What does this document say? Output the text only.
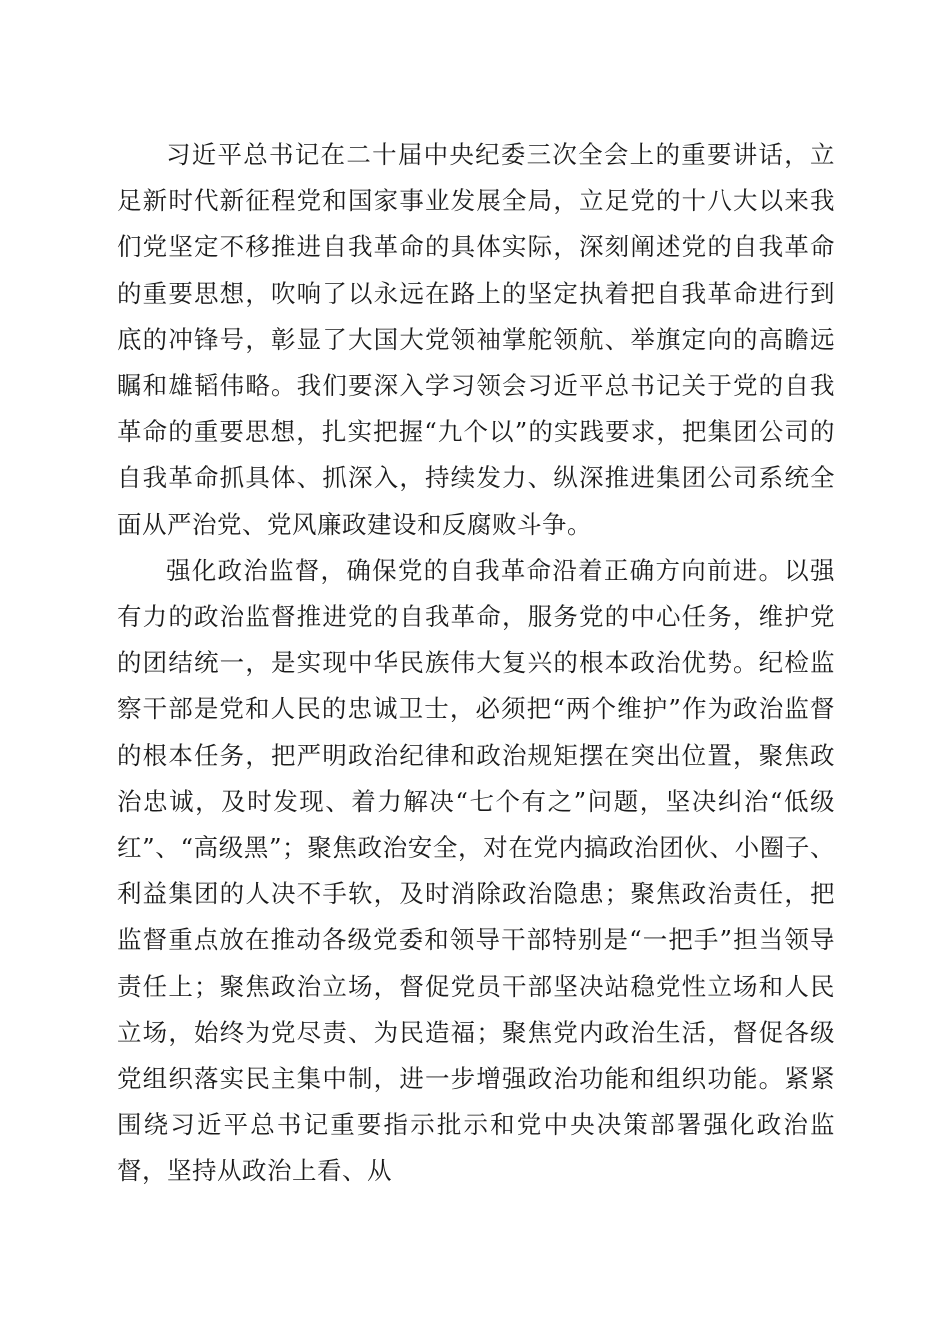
习近平总书记在二十届中央纪委三次全会上的重要讲话，立足新时代新征程党和国家事业发展全局，立足党的十八大以来我们党坚定不移推进自我革命的具体实际，深刻阐述党的自我革命的重要思想，吹响了以永远在路上的坚定执着把自我革命进行到底的冲锋号，彰显了大国大党领袖掌舵领航、举旗定向的高瞻远瞩和雄韬伟略。我们要深入学习领会习近平总书记关于党的自我革命的重要思想，扎实把握“九个以”的实践要求，把集团公司的自我革命抓具体、抓深入，持续发力、纵深推进集团公司系统全面从严治党、党风廉政建设和反腐败斗争。

强化政治监督，确保党的自我革命沿着正确方向前进。以强有力的政治监督推进党的自我革命，服务党的中心任务，维护党的团结统一，是实现中华民族伟大复兴的根本政治优势。纪检监察干部是党和人民的忠诚卫士，必须把“两个维护”作为政治监督的根本任务，把严明政治纪律和政治规矩摆在突出位置，聚焦政治忠诚，及时发现、着力解决“七个有之”问题，坚决纠治“低级红”、“高级黑”；聚焦政治安全，对在党内搞政治团伙、小圈子、利益集团的人决不手软，及时消除政治隐患；聚焦政治责任，把监督重点放在推动各级党委和领导干部特别是“一把手”担当领导责任上；聚焦政治立场，督促党员干部坚决站稳党性立场和人民立场，始终为党尽责、为民造福；聚焦党内政治生活，督促各级党组织落实民主集中制，进一步增强政治功能和组织功能。紧紧围绕习近平总书记重要指示批示和党中央决策部署强化政治监督，坚持从政治上看、从
